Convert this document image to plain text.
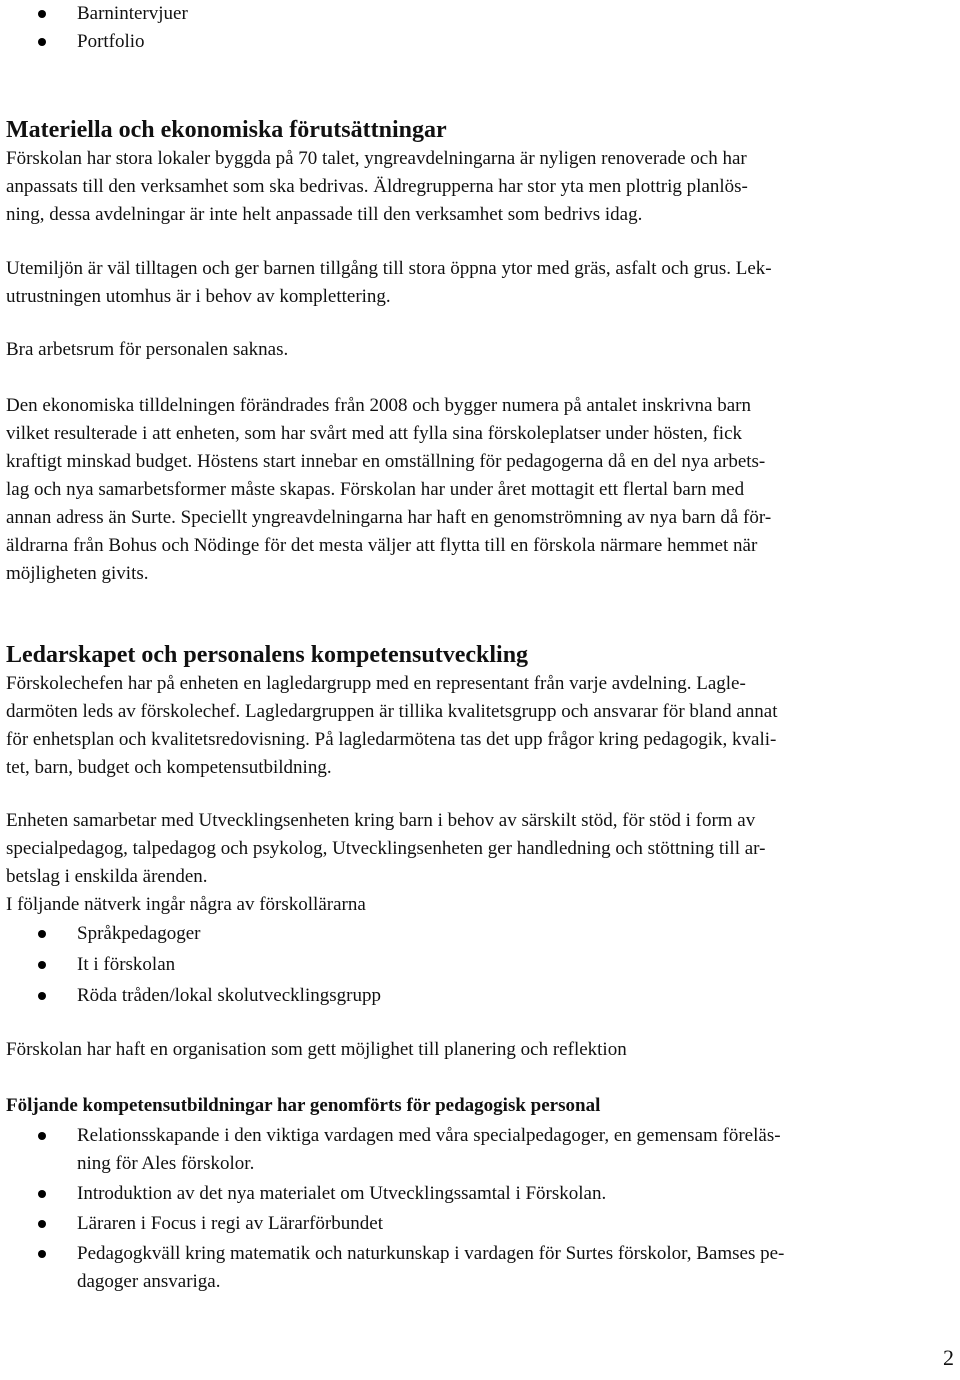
Barnintervjuer
Portfolio
Materiella och ekonomiska förutsättningar
Förskolan har stora lokaler byggda på 70 talet, yngreavdelningarna är nyligen renoverade och har
anpassats till den verksamhet som ska bedrivas. Äldregrupperna har stor yta men plottrig planlös-
ning, dessa avdelningar är inte helt anpassade till den verksamhet som bedrivs idag.
Utemiljön är väl tilltagen och ger barnen tillgång till stora öppna ytor med gräs, asfalt och grus. Lek-
utrustningen utomhus är i behov av komplettering.
Bra arbetsrum för personalen saknas.
Den ekonomiska tilldelningen förändrades från 2008 och bygger numera på antalet inskrivna barn
vilket resulterade i att enheten, som har svårt med att fylla sina förskoleplatser under hösten, fick
kraftigt minskad budget. Höstens start innebar en omställning för pedagogerna då en del nya arbets-
lag och nya samarbetsformer måste skapas. Förskolan har under året mottagit ett flertal barn med
annan adress än Surte. Speciellt yngreavdelningarna har haft en genomströmning av nya barn då för-
äldrarna från Bohus och Nödinge för det mesta väljer att flytta till en förskola närmare hemmet när
möjligheten givits.
Ledarskapet och personalens kompetensutveckling
Förskolechefen har på enheten en lagledargrupp med en representant från varje avdelning. Lagle-
darmöten leds av förskolechef. Lagledargruppen är tillika kvalitetsgrupp och ansvarar för bland annat
för enhetsplan och kvalitetsredovisning. På lagledarmötena tas det upp frågor kring pedagogik, kvali-
tet, barn, budget och kompetensutbildning.
Enheten samarbetar med Utvecklingsenheten kring barn i behov av särskilt stöd, för stöd i form av
specialpedagog, talpedagog och psykolog, Utvecklingsenheten ger handledning och stöttning till ar-
betslag i enskilda ärenden.
I följande nätverk ingår några av förskollärarna
Språkpedagoger
It i förskolan
Röda tråden/lokal skolutvecklingsgrupp
Förskolan har haft en organisation som gett möjlighet till planering och reflektion
Följande kompetensutbildningar har genomförts för pedagogisk personal
Relationsskapande i den viktiga vardagen med våra specialpedagoger, en gemensam föreläs-
ning för Ales förskolor.
Introduktion av det nya materialet om Utvecklingssamtal i Förskolan.
Läraren i Focus i regi av Lärarförbundet
Pedagogkväll kring matematik och naturkunskap i vardagen för Surtes förskolor, Bamses pe-
dagoger ansvariga.
2
